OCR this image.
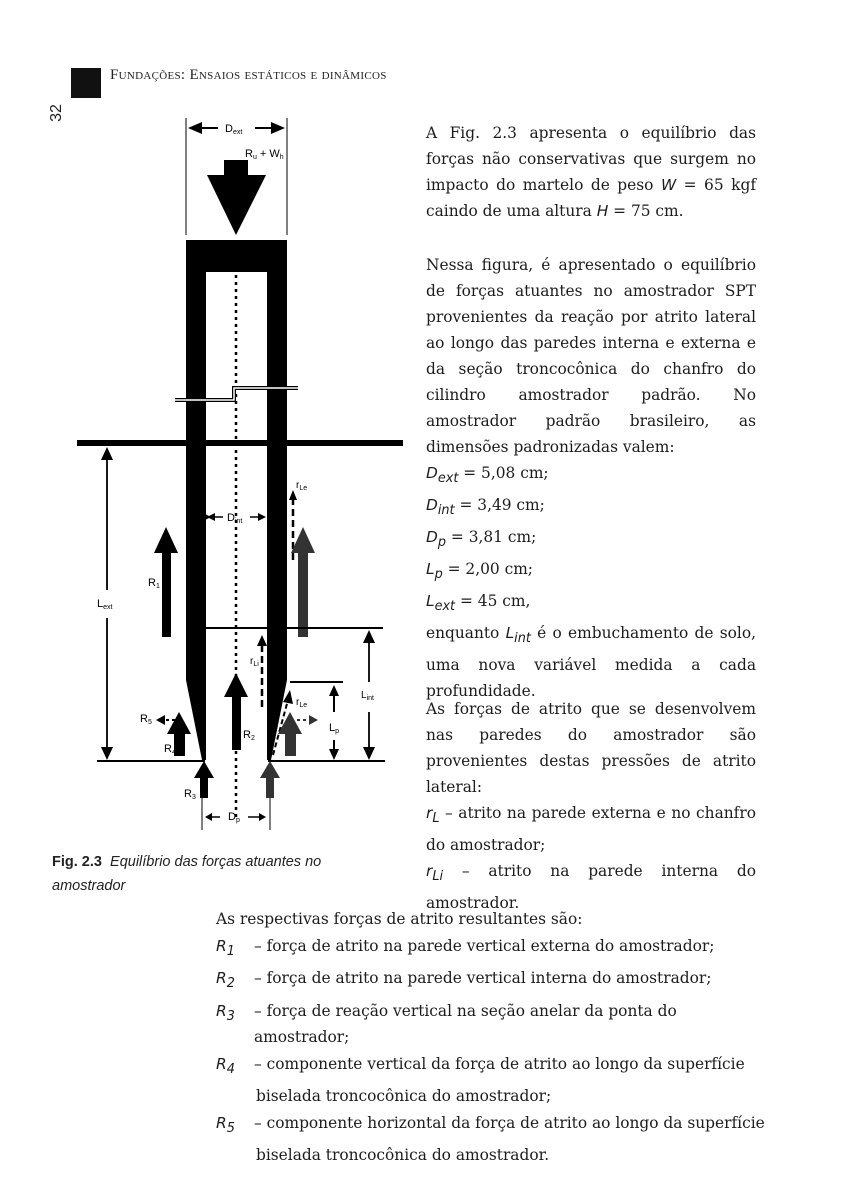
Fundações: Ensaios estáticos e dinâmicos
32
Dext
Ru + Wh
Lext
Dint
R1
$r_{Le}$
$L_{int}$
$r_{Li}$
R2
Lp
$r_{Le}$
R4
R5
R3
Dp
Fig. 2.3 Equilíbrio das forças atuantes no amostrador

A Fig. 2.3 apresenta o equilíbrio das forças não conservativas que surgem no impacto do martelo de peso W = 65 kgf caindo de uma altura H = 75 cm.

Nessa figura, é apresentado o equilíbrio de forças atuantes no amostrador SPT provenientes da reação por atrito lateral ao longo das paredes interna e externa e da seção troncocônica do chanfro do cilindro amostrador padrão. No amostrador padrão brasileiro, as dimensões padronizadas valem:

$D_{ext} = 5,08$ cm;
$D_{int} = 3,49$ cm;
$D_p = 3,81$ cm;
$L_p = 2,00$ cm;
$L_{ext} = 45$ cm,

enquanto $L_{int}$ é o embuchamento de solo, uma nova variável medida a cada profundidade.

As forças de atrito que se desenvolvem nas paredes do amostrador são provenientes destas pressões de atrito lateral:

$r_L$ – atrito na parede externa e no chanfro do amostrador;

$r_{Li}$ – atrito na parede interna do amostrador.

As respectivas forças de atrito resultantes são:
$R_1$	– força de atrito na parede vertical externa do amostrador;
$R_2$	– força de atrito na parede vertical interna do amostrador;
$R_3$	– força de reação vertical na seção anelar da ponta do amostrador;
$R_4$	– componente vertical da força de atrito ao longo da superfície
biselada troncocônica do amostrador;
$R_5$	– componente horizontal da força de atrito ao longo da superfície
biselada troncocônica do amostrador.
